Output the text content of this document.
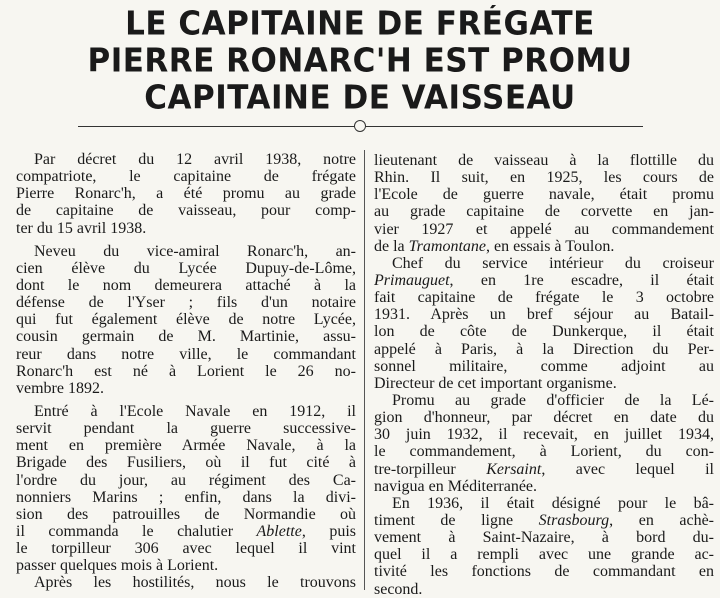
LE CAPITAINE DE FRÉGATE
PIERRE RONARC'H EST PROMU
CAPITAINE DE VAISSEAU
Par décret du 12 avril 1938, notre
compatriote, le capitaine de frégate
Pierre Ronarc'h, a été promu au grade
de capitaine de vaisseau, pour comp-
ter du 15 avril 1938.
Neveu du vice-amiral Ronarc'h, an-
cien élève du Lycée Dupuy-de-Lôme,
dont le nom demeurera attaché à la
défense de l'Yser ; fils d'un notaire
qui fut également élève de notre Lycée,
cousin germain de M. Martinie, assu-
reur dans notre ville, le commandant
Ronarc'h est né à Lorient le 26 no-
vembre 1892.
Entré à l'Ecole Navale en 1912, il
servit pendant la guerre successive-
ment en première Armée Navale, à la
Brigade des Fusiliers, où il fut cité à
l'ordre du jour, au régiment des Ca-
nonniers Marins ; enfin, dans la divi-
sion des patrouilles de Normandie où
il commanda le chalutier Ablette, puis
le torpilleur 306 avec lequel il vint
passer quelques mois à Lorient.
Après les hostilités, nous le trouvons
lieutenant de vaisseau à la flottille du
Rhin. Il suit, en 1925, les cours de
l'Ecole de guerre navale, était promu
au grade capitaine de corvette en jan-
vier 1927 et appelé au commandement
de la Tramontane, en essais à Toulon.
Chef du service intérieur du croiseur
Primauguet, en 1re escadre, il était
fait capitaine de frégate le 3 octobre
1931. Après un bref séjour au Batail-
lon de côte de Dunkerque, il était
appelé à Paris, à la Direction du Per-
sonnel militaire, comme adjoint au
Directeur de cet important organisme.
Promu au grade d'officier de la Lé-
gion d'honneur, par décret en date du
30 juin 1932, il recevait, en juillet 1934,
le commandement, à Lorient, du con-
tre-torpilleur Kersaint, avec lequel il
navigua en Méditerranée.
En 1936, il était désigné pour le bâ-
timent de ligne Strasbourg, en achè-
vement à Saint-Nazaire, à bord du-
quel il a rempli avec une grande ac-
tivité les fonctions de commandant en
second.
